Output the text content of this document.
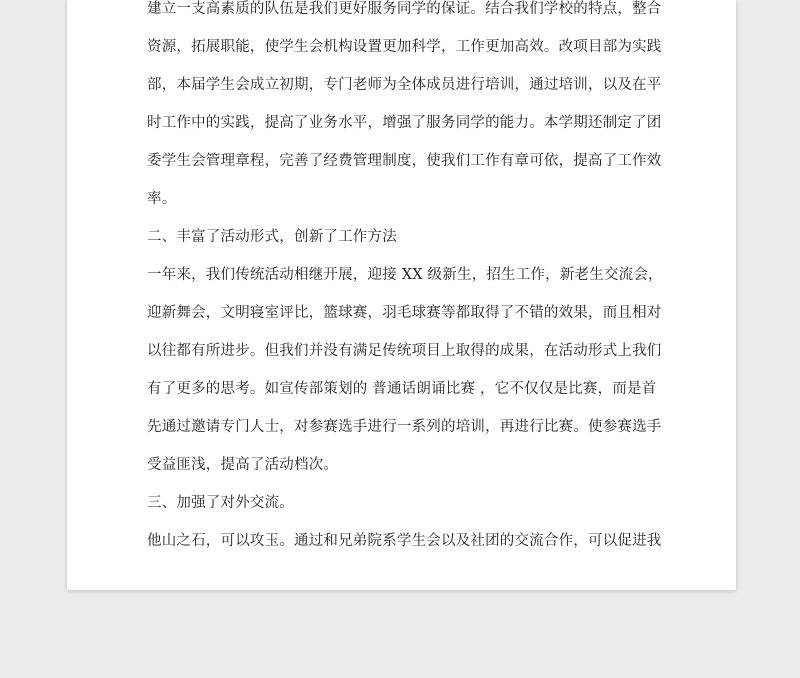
建立一支高素质的队伍是我们更好服务同学的保证。结合我们学校的特点，整合
资源，拓展职能，使学生会机构设置更加科学，工作更加高效。改项目部为实践
部，本届学生会成立初期，专门老师为全体成员进行培训，通过培训，以及在平
时工作中的实践，提高了业务水平，增强了服务同学的能力。本学期还制定了团
委学生会管理章程，完善了经费管理制度，使我们工作有章可依，提高了工作效
率。
二、丰富了活动形式，创新了工作方法
一年来，我们传统活动相继开展，迎接 XX 级新生，招生工作，新老生交流会，
迎新舞会，文明寝室评比，篮球赛，羽毛球赛等都取得了不错的效果，而且相对
以往都有所进步。但我们并没有满足传统项目上取得的成果，在活动形式上我们
有了更多的思考。如宣传部策划的 普通话朗诵比赛 ，它不仅仅是比赛，而是首
先通过邀请专门人士，对参赛选手进行一系列的培训，再进行比赛。使参赛选手
受益匪浅，提高了活动档次。
三、加强了对外交流。
他山之石，可以攻玉。通过和兄弟院系学生会以及社团的交流合作，可以促进我
